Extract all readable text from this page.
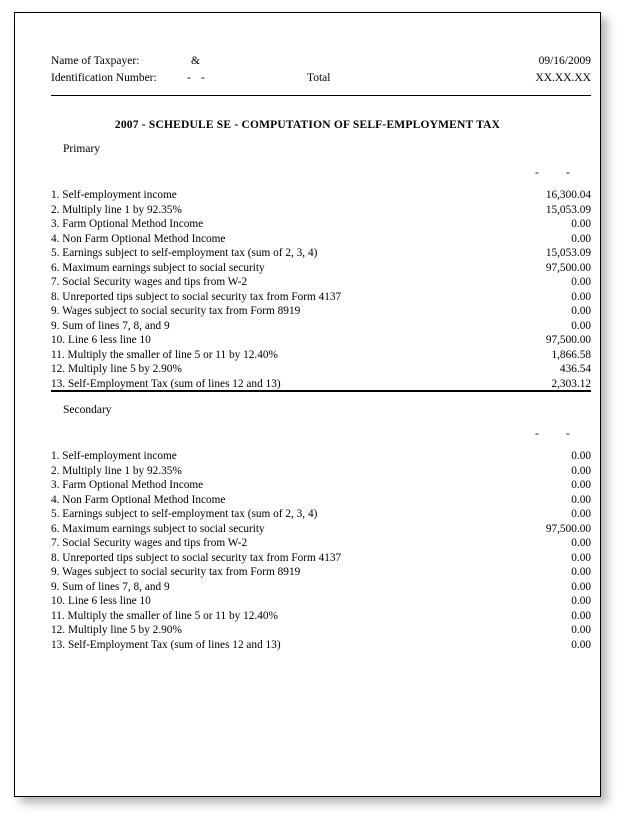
Name of Taxpayer:	&	09/16/2009
Identification Number:	- -	Total	XX.XX.XX
2007 - SCHEDULE SE - COMPUTATION OF SELF-EMPLOYMENT TAX
Primary
- -
1. Self-employment income	16,300.04
2. Multiply line 1 by 92.35%	15,053.09
3. Farm Optional Method Income	0.00
4. Non Farm Optional Method Income	0.00
5. Earnings subject to self-employment tax (sum of 2, 3, 4)	15,053.09
6. Maximum earnings subject to social security	97,500.00
7. Social Security wages and tips from W-2	0.00
8. Unreported tips subject to social security tax from Form 4137	0.00
9. Wages subject to social security tax from Form 8919	0.00
9. Sum of lines 7, 8, and 9	0.00
10. Line 6 less line 10	97,500.00
11. Multiply the smaller of line 5 or 11 by 12.40%	1,866.58
12. Multiply line 5 by 2.90%	436.54
13. Self-Employment Tax (sum of lines 12 and 13)	2,303.12
Secondary
- -
1. Self-employment income	0.00
2. Multiply line 1 by 92.35%	0.00
3. Farm Optional Method Income	0.00
4. Non Farm Optional Method Income	0.00
5. Earnings subject to self-employment tax (sum of 2, 3, 4)	0.00
6. Maximum earnings subject to social security	97,500.00
7. Social Security wages and tips from W-2	0.00
8. Unreported tips subject to social security tax from Form 4137	0.00
9. Wages subject to social security tax from Form 8919	0.00
9. Sum of lines 7, 8, and 9	0.00
10. Line 6 less line 10	0.00
11. Multiply the smaller of line 5 or 11 by 12.40%	0.00
12. Multiply line 5 by 2.90%	0.00
13. Self-Employment Tax (sum of lines 12 and 13)	0.00
